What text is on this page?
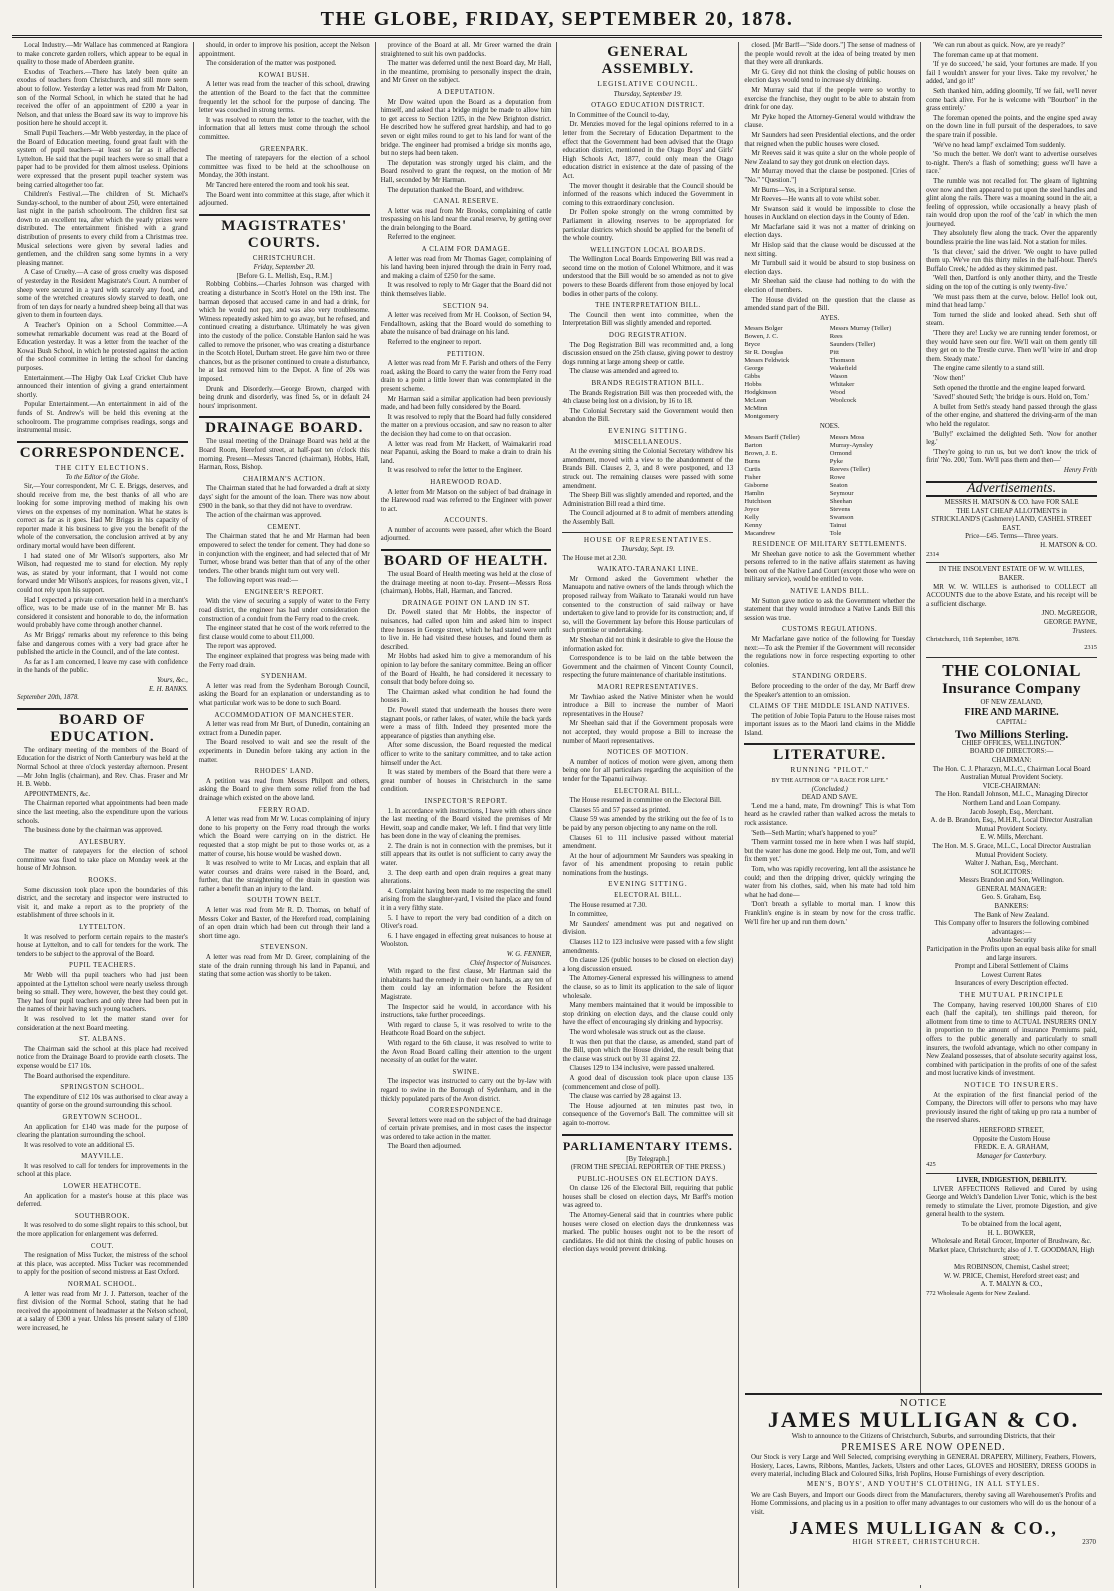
THE GLOBE, FRIDAY, SEPTEMBER 20, 1878.

Local Industry.—Mr Wallace has commenced at Rangiora to make concrete garden rollers, which appear to be equal in quality to those made of Aberdeen granite.

Exodus of Teachers.—There has lately been quite an exodus of teachers from Christchurch, and still more seem about to follow. Yesterday a letter was read from Mr Dalton, son of the Normal School, in which he stated that he had received the offer of an appointment of £200 a year in Nelson, and that unless the Board saw its way to improve his position here he should accept it.

Small Pupil Teachers.—Mr Webb yesterday, in the place of the Board of Education meeting, found great fault with the system of pupil teachers—at least so far as it affected Lyttelton. He said that the pupil teachers were so small that a paper had to be provided for them almost useless. Opinions were expressed that the present pupil teacher system was being carried altogether too far.

Children's Festival.—The children of St. Michael's Sunday-school, to the number of about 250, were entertained last night in the parish schoolroom. The children first sat down to an excellent tea, after which the yearly prizes were distributed. The entertainment finished with a grand distribution of presents to every child from a Christmas tree. Musical selections were given by several ladies and gentlemen, and the children sang some hymns in a very pleasing manner.

A Case of Cruelty.—A case of gross cruelty was disposed of yesterday in the Resident Magistrate's Court. A number of sheep were secured in a yard with scarcely any food, and some of the wretched creatures slowly starved to death, one from of ten days for nearly a hundred sheep being all that was given to them in fourteen days.

A Teacher's Opinion on a School Committee.—A somewhat remarkable document was read at the Board of Education yesterday. It was a letter from the teacher of the Kowai Bush School, in which he protested against the action of the school committee in letting the school for dancing purposes.

Entertainment.—The Higby Oak Leaf Cricket Club have announced their intention of giving a grand entertainment shortly.

Popular Entertainment.—An entertainment in aid of the funds of St. Andrew's will be held this evening at the schoolroom. The programme comprises readings, songs and instrumental music.

CORRESPONDENCE.
THE CITY ELECTIONS.
To the Editor of the Globe.

Sir,—Your correspondent, Mr C. E. Briggs, deserves, and should receive from me, the best thanks of all who are looking for some improving method of making his own views on the expenses of my nomination. What he states is correct as far as it goes. Had Mr Briggs in his capacity of reporter made it his business to give you the benefit of the whole of the conversation, the conclusion arrived at by any ordinary mortal would have been different.

I had stated one of Mr Wilson's supporters, also Mr Wilson, had requested me to stand for election. My reply was, as stated by your informant, that I would not come forward under Mr Wilson's auspices, for reasons given, viz., I could not rely upon his support.

Had I expected a private conversation held in a merchant's office, was to be made use of in the manner Mr B. has considered it consistent and honorable to do, the information would probably have come through another channel.

As Mr Briggs' remarks about my reference to this being false and dangerous comes with a very bad grace after he published the article in the Council, and of the late contest.

As far as I am concerned, I leave my case with confidence in the hands of the public.

Yours, &c.,
E. H. BANKS.
September 20th, 1878.
BOARD OF EDUCATION.

The ordinary meeting of the members of the Board of Education for the district of North Canterbury was held at the Normal School at three o'clock yesterday afternoon. Present—Mr John Inglis (chairman), and Rev. Chas. Fraser and Mr H. B. Webb.

APPOINTMENTS, &c.

The Chairman reported what appointments had been made since the last meeting, also the expenditure upon the various schools.

The business done by the chairman was approved.

AYLESBURY.

The matter of ratepayers for the election of school committee was fixed to take place on Monday week at the house of Mr Johnson.

ROOKS.

Some discussion took place upon the boundaries of this district, and the secretary and inspector were instructed to visit it, and make a report as to the propriety of the establishment of three schools in it.

LYTTELTON.

It was resolved to perform certain repairs to the master's house at Lyttelton, and to call for tenders for the work. The tenders to be subject to the approval of the Board.

PUPIL TEACHERS.

Mr Webb will tha pupil teachers who had just been appointed at the Lyttelton school were nearly useless through being so small. They were, however, the best they could get. They had four pupil teachers and only three had been put in the names of their having such young teachers.

It was resolved to let the matter stand over for consideration at the next Board meeting.

ST. ALBANS.

The Chairman said the school at this place had received notice from the Drainage Board to provide earth closets. The expense would be £17 10s.

The Board authorised the expenditure.

SPRINGSTON SCHOOL.

The expenditure of £12 10s was authorised to clear away a quantity of gorse on the ground surrounding this school.

GREYTOWN SCHOOL.

An application for £140 was made for the purpose of clearing the plantation surrounding the school.

It was resolved to vote an additional £5.

MAYVILLE.

It was resolved to call for tenders for improvements in the school at this place.

LOWER HEATHCOTE.

An application for a master's house at this place was deferred.

SOUTHBROOK.

It was resolved to do some slight repairs to this school, but the more application for enlargement was deferred.

COUT.

The resignation of Miss Tucker, the mistress of the school at this place, was accepted. Miss Tucker was recommended to apply for the position of second mistress at East Oxford.

NORMAL SCHOOL.

A letter was read from Mr J. J. Patterson, teacher of the first division of the Normal School, stating that he had received the appointment of headmaster at the Nelson school, at a salary of £300 a year. Unless his present salary of £180 were increased, he

should, in order to improve his position, accept the Nelson appointment.

The consideration of the matter was postponed.

KOWAI BUSH.

A letter was read from the teacher of this school, drawing the attention of the Board to the fact that the committee frequently let the school for the purpose of dancing. The letter was couched in strong terms.

It was resolved to return the letter to the teacher, with the information that all letters must come through the school committee.

GREENPARK.

The meeting of ratepayers for the election of a school committee was fixed to be held at the schoolhouse on Monday, the 30th instant.

Mr Tancred here entered the room and took his seat.

The Board went into committee at this stage, after which it adjourned.

MAGISTRATES' COURTS.
CHRISTCHURCH.
Friday, September 20.
[Before G. L. Mellish, Esq., R.M.]

Robbing Cobbins.—Charles Johnson was charged with creating a disturbance in Scott's Hotel on the 19th inst. The barman deposed that accused came in and had a drink, for which he would not pay, and was also very troublesome. Witness repeatedly asked him to go away, but he refused, and continued creating a disturbance. Ultimately he was given into the custody of the police. Constable Hanlon said he was called to remove the prisoner, who was creating a disturbance in the Scotch Hotel, Durham street. He gave him two or three chances, but as the prisoner continued to create a disturbance, he at last removed him to the Depot. A fine of 20s was imposed.

Drunk and Disorderly.—George Brown, charged with being drunk and disorderly, was fined 5s, or in default 24 hours' imprisonment.

DRAINAGE BOARD.

The usual meeting of the Drainage Board was held at the Board Room, Hereford street, at half-past ten o'clock this morning. Present—Messrs Tancred (chairman), Hobbs, Hall, Harman, Ross, Bishop.

CHAIRMAN'S ACTION.

The Chairman stated that he had forwarded a draft at sixty days' sight for the amount of the loan. There was now about £900 in the bank, so that they did not have to overdraw.

The action of the chairman was approved.

CEMENT.

The Chairman stated that he and Mr Harman had been empowered to select the tender for cement. They had done so in conjunction with the engineer, and had selected that of Mr Turner, whose brand was better than that of any of the other tenders. The other brands might turn out very well.

The following report was read:—

ENGINEER'S REPORT.

With the view of securing a supply of water to the Ferry road district, the engineer has had under consideration the construction of a conduit from the Ferry road to the creek.

The engineer stated that he cost of the work referred to the first clause would come to about £11,000.

The report was approved.

The engineer explained that progress was being made with the Ferry road drain.

SYDENHAM.

A letter was read from the Sydenham Borough Council, asking the Board for an explanation or understanding as to what particular work was to be done to such Board.

ACCOMMODATION OF MANCHESTER.

A letter was read from Mr Burt, of Dunedin, containing an extract from a Dunedin paper.

The Board resolved to wait and see the result of the experiments in Dunedin before taking any action in the matter.

RHODES' LAND.

A petition was read from Messrs Philpott and others, asking the Board to give them some relief from the bad drainage which existed on the above land.

FERRY ROAD.

A letter was read from Mr W. Lucas complaining of injury done to his property on the Ferry road through the works which the Board were carrying on in the district. He requested that a stop might be put to those works or, as a matter of course, his house would be washed down.

It was resolved to write to Mr Lucas, and explain that all water courses and drains were raised in the Board, and, further, that the straightening of the drain in question was rather a benefit than an injury to the land.

SOUTH TOWN BELT.

A letter was read from Mr R. D. Thomas, on behalf of Messrs Coker and Baxter, of the Hereford road, complaining of an open drain which had been cut through their land a short time ago.

STEVENSON.

A letter was read from Mr D. Greer, complaining of the state of the drain running through his land in Papanui, and stating that some action was shortly to be taken.

province of the Board at all. Mr Greer warned the drain straightened to suit his own paddocks.

The matter was deferred until the next Board day, Mr Hall, in the meantime, promising to personally inspect the drain, and Mr Greer on the subject.

A DEPUTATION.

Mr Dow waited upon the Board as a deputation from himself, and asked that a bridge might be made to allow him to get access to Section 1205, in the New Brighton district. He described how he suffered great hardship, and had to go seven or eight miles round to get to his land for want of the bridge. The engineer had promised a bridge six months ago, but no steps had been taken.

The deputation was strongly urged his claim, and the Board resolved to grant the request, on the motion of Mr Hall, seconded by Mr Harman.

The deputation thanked the Board, and withdrew.

CANAL RESERVE.

A letter was read from Mr Brooks, complaining of cattle trespassing on his land near the canal reserve, by getting over the drain belonging to the Board.

Referred to the engineer.

A CLAIM FOR DAMAGE.

A letter was read from Mr Thomas Gager, complaining of his land having been injured through the drain in Ferry road, and making a claim of £250 for the same.

It was resolved to reply to Mr Gager that the Board did not think themselves liable.

SECTION 94.

A letter was received from Mr H. Cookson, of Section 94, Fendalltown, asking that the Board would do something to abate the nuisance of bad drainage on his land.

Referred to the engineer to report.

PETITION.

A letter was read from Mr F. Parish and others of the Ferry road, asking the Board to carry the water from the Ferry road drain to a point a little lower than was contemplated in the present scheme.

Mr Harman said a similar application had been previously made, and had been fully considered by the Board.

It was resolved to reply that the Board had fully considered the matter on a previous occasion, and saw no reason to alter the decision they had come to on that occasion.

A letter was read from Mr Hackett, of Waimakariri road near Papanui, asking the Board to make a drain to drain his land.

It was resolved to refer the letter to the Engineer.

HAREWOOD ROAD.

A letter from Mr Matson on the subject of bad drainage in the Harewood road was referred to the Engineer with power to act.

ACCOUNTS.

A number of accounts were passed, after which the Board adjourned.

BOARD OF HEALTH.

The usual Board of Health meeting was held at the close of the drainage meeting at noon to-day. Present—Messrs Ross (chairman), Hobbs, Hall, Harman, and Tancred.

DRAINAGE POINT ON LAND IN ST.

Dr. Powell stated that Mr Hobbs, the inspector of nuisances, had called upon him and asked him to inspect three houses in George street, which he had stated were unfit to live in. He had visited these houses, and found them as described.

Mr Hobbs had asked him to give a memorandum of his opinion to lay before the sanitary committee. Being an officer of the Board of Health, he had considered it necessary to consult that body before doing so.

The Chairman asked what condition he had found the houses in.

Dr. Powell stated that underneath the houses there were stagnant pools, or rather lakes, of water, while the back yards were a mass of filth. Indeed they presented more the appearance of pigsties than anything else.

After some discussion, the Board requested the medical officer to write to the sanitary committee, and to take action himself under the Act.

It was stated by members of the Board that there were a great number of houses in Christchurch in the same condition.

INSPECTOR'S REPORT.

1. In accordance with instructions, I have with others since the last meeting of the Board visited the premises of Mr Hewitt, soap and candle maker, We left. I find that very little has been done in the way of cleaning the premises.

2. The drain is not in connection with the premises, but it still appears that its outlet is not sufficient to carry away the water.

3. The deep earth and open drain requires a great many alterations.

4. Complaint having been made to me respecting the smell arising from the slaughter-yard, I visited the place and found it in a very filthy state.

5. I have to report the very bad condition of a ditch on Oliver's road.

6. I have engaged in effecting great nuisances to house at Woolston.

W. G. FENNER,
Chief Inspector of Nuisances.

With regard to the first clause, Mr Hartman said the inhabitants had the remedy in their own hands, as any ten of them could lay an information before the Resident Magistrate.

The Inspector said he would, in accordance with his instructions, take further proceedings.

With regard to clause 5, it was resolved to write to the Heathcote Road Board on the subject.

With regard to the 6th clause, it was resolved to write to the Avon Road Board calling their attention to the urgent necessity of an outlet for the water.

SWINE.

The inspector was instructed to carry out the by-law with regard to swine in the Borough of Sydenham, and in the thickly populated parts of the Avon district.

CORRESPONDENCE.

Several letters were read on the subject of the bad drainage of certain private premises, and in most cases the inspector was ordered to take action in the matter.

The Board then adjourned.

GENERAL ASSEMBLY.
LEGISLATIVE COUNCIL.
Thursday, September 19.
OTAGO EDUCATION DISTRICT.

In Committee of the Council to-day,

Dr. Menzies moved for the legal opinions referred to in a letter from the Secretary of Education Department to the effect that the Government had been advised that the Otago education district, mentioned in the Otago Boys' and Girls' High Schools Act, 1877, could only mean the Otago education district in existence at the date of passing of the Act.

The mover thought it desirable that the Council should be informed of the reasons which induced the Government in coming to this extraordinary conclusion.

Dr Pollen spoke strongly on the wrong committed by Parliament in allowing reserves to be appropriated for particular districts which should be applied for the benefit of the whole country.

WELLINGTON LOCAL BOARDS.

The Wellington Local Boards Empowering Bill was read a second time on the motion of Colonel Whitmore, and it was understood that the Bill would be so amended as not to give powers to these Boards different from those enjoyed by local bodies in other parts of the colony.

THE INTERPRETATION BILL.

The Council then went into committee, when the Interpretation Bill was slightly amended and reported.

DOG REGISTRATION.

The Dog Registration Bill was recommitted and, a long discussion ensued on the 25th clause, giving power to destroy dogs running at large among sheep or cattle.

The clause was amended and agreed to.

BRANDS REGISTRATION BILL.

The Brands Registration Bill was then proceeded with, the 4th clause being lost on a division, by 16 to 18.

The Colonial Secretary said the Government would then abandon the Bill.

EVENING SITTING.
MISCELLANEOUS.

At the evening sitting the Colonial Secretary withdrew his amendment, moved with a view to the abandonment of the Brands Bill. Clauses 2, 3, and 8 were postponed, and 13 struck out. The remaining clauses were passed with some amendment.

The Sheep Bill was slightly amended and reported, and the Administration Bill read a third time.

The Council adjourned at 8 to admit of members attending the Assembly Ball.

HOUSE OF REPRESENTATIVES.
Thursday, Sept. 19.
The House met at 2.30.
WAIKATO-TARANAKI LINE.

Mr Ormond asked the Government whether the Manuapotu and native owners of the lands through which the proposed railway from Waikato to Taranaki would run have consented to the construction of said railway or have undertaken to give land to provide for its construction; and, if so, will the Government lay before this House particulars of such promise or undertaking.

Mr Sheehan did not think it desirable to give the House the information asked for.

Correspondence is to be laid on the table between the Government and the chairmen of Vincent County Council, respecting the future maintenance of charitable institutions.

MAORI REPRESENTATIVES.

Mr Tawhiao asked the Native Minister when he would introduce a Bill to increase the number of Maori representatives in the House?

Mr Sheehan said that if the Government proposals were not accepted, they would propose a Bill to increase the number of Maori representatives.

NOTICES OF MOTION.

A number of notices of motion were given, among them being one for all particulars regarding the acquisition of the tender for the Tapanui railway.

ELECTORAL BILL.

The House resumed in committee on the Electoral Bill.

Clauses 55 and 57 passed as printed.

Clause 59 was amended by the striking out the fee of 1s to be paid by any person objecting to any name on the roll.

Clauses 61 to 111 inclusive passed without material amendment.

At the hour of adjournment Mr Saunders was speaking in favor of his amendment proposing to retain public nominations from the hustings.

EVENING SITTING.
ELECTORAL BILL.

The House resumed at 7.30.

In committee,

Mr Saunders' amendment was put and negatived on division.

Clauses 112 to 123 inclusive were passed with a few slight amendments.

On clause 126 (public houses to be closed on election day) a long discussion ensued.

The Attorney-General expressed his willingness to amend the clause, so as to limit its application to the sale of liquor wholesale.

Many members maintained that it would be impossible to stop drinking on election days, and the clause could only have the effect of encouraging sly drinking and hypocrisy.

The word wholesale was struck out as the clause.

It was then put that the clause, as amended, stand part of the Bill, upon which the House divided, the result being that the clause was struck out by 31 against 22.

Clauses 129 to 134 inclusive, were passed unaltered.

A good deal of discussion took place upon clause 135 (commencement and close of poll).

The clause was carried by 28 against 13.

The House adjourned at ten minutes past two, in consequence of the Governor's Ball. The committee will sit again to-morrow.

PARLIAMENTARY ITEMS.
[By Telegraph.]
(FROM THE SPECIAL REPORTER OF THE PRESS.)
PUBLIC-HOUSES ON ELECTION DAYS.

On clause 126 of the Electoral Bill, requiring that public houses shall be closed on election days, Mr Barff's motion was agreed to.

The Attorney-General said that in countries where public houses were closed on election days the drunkenness was marked. The public houses ought not to be the resort of candidates. He did not think the closing of public houses on election days would prevent drinking.

closed. [Mr Barff—"Side doors."] The sense of madness of the people would revolt at the idea of being treated by men that they were all drunkards.

Mr G. Grey did not think the closing of public houses on election days would tend to increase sly drinking.

Mr Murray said that if the people were so worthy to exercise the franchise, they ought to be able to abstain from drink for one day.

Mr Pyke hoped the Attorney-General would withdraw the clause.

Mr Saunders had seen Presidential elections, and the order that reigned when the public houses were closed.

Mr Reeves said it was quite a slur on the whole people of New Zealand to say they got drunk on election days.

Mr Murray moved that the clause be postponed. [Cries of "No." "Question."]

Mr Burns—Yes, in a Scriptural sense.

Mr Reeves—He wants all to vote whilst sober.

Mr Swanson said it would be impossible to close the houses in Auckland on election days in the County of Eden.

Mr Macfarlane said it was not a matter of drinking on election days.

Mr Hislop said that the clause would be discussed at the next sitting.

Mr Turnbull said it would be absurd to stop business on election days.

Mr Sheehan said the clause had nothing to do with the election of members.

The House divided on the question that the clause as amended stand part of the Bill.

AYES.
Messrs Bolger
Bowen, J. C.
Bryce
Sir R. Douglas
Messrs Feldwick
George
Gibbs
Hobbs
Hodgkinson
McLean
McMinn
Montgomery
Messrs Murray (Teller)
Rees
Saunders (Teller)
Pitt
Thomson
Wakefield
Wason
Whitaker
Wood
Woolcock
NOES.
Messrs Barff (Teller)
Barton
Brown, J. E.
Burns
Curtis
Fisher
Gisborne
Hamlin
Hutchison
Joyce
Kelly
Kenny
Macandrew
Messrs Moss
Murray-Aynsley
Ormond
Pyke
Reeves (Teller)
Rowe
Seaton
Seymour
Sheehan
Stevens
Swanson
Tainui
Tole
RESIDENCE OF MILITARY SETTLEMENTS.

Mr Sheehan gave notice to ask the Government whether persons referred to in the native affairs statement as having been out of the Native Land Court (except those who were on military service), would be entitled to vote.

NATIVE LANDS BILL.

Mr Sutton gave notice to ask the Government whether the statement that they would introduce a Native Lands Bill this session was true.

CUSTOMS REGULATIONS.

Mr Macfarlane gave notice of the following for Tuesday next:—To ask the Premier if the Government will reconsider the regulations now in force respecting exporting to other colonies.

STANDING ORDERS.

Before proceeding to the order of the day, Mr Barff drew the Speaker's attention to an omission.

CLAIMS OF THE MIDDLE ISLAND NATIVES.

The petition of Jobie Topia Paturu to the House raises most important issues as to the Maori land claims in the Middle Island.

LITERATURE.
RUNNING "PILOT."
BY THE AUTHOR OF "A RACE FOR LIFE."
(Concluded.)
DEAD AND SAVE.

'Lend me a hand, mate, I'm drowning!' This is what Tom heard as he crawled rather than walked across the metals to rock assistance.

'Seth—Seth Martin; what's happened to you?'

'Them varmint tossed me in here when I was half stupid, but the water has done me good. Help me out, Tom, and we'll fix them yet.'

Tom, who was rapidly recovering, lent all the assistance he could; and then the dripping driver, quickly wringing the water from his clothes, said, when his mate had told him what he had done—

'Don't breath a syllable to mortal man. I know this Franklin's engine is in steam by now for the cross traffic. We'll fire her up and run them down.'

'We can run about as quick. Now, are ye ready?'

The foreman came up at that moment.

'If ye do succeed,' he said, 'your fortunes are made. If you fail I wouldn't answer for your lives. Take my revolver,' he added, 'and go it!'

Seth thanked him, adding gloomily, 'If we fail, we'll never come back alive. For he is welcome with "Bourbon" in the grass entirely.'

The foreman opened the points, and the engine sped away on the down line in full pursuit of the desperadoes, to save the spare train if possible.

'We've no head lamp!' exclaimed Tom suddenly.

'So much the better. We don't want to advertise ourselves to-night. There's a flash of something; guess we'll have a race.'

The rumble was not recalled for. The gleam of lightning over now and then appeared to put upon the steel handles and glint along the rails. There was a moaning sound in the air, a feeling of oppression, while occasionally a heavy plash of rain would drop upon the roof of the 'cab' in which the men journeyed.

They absolutely flew along the track. Over the apparently boundless prairie the line was laid. Not a station for miles.

'Is that clever,' said the driver. 'We ought to have pulled them up. We've run this thirty miles in the half-hour. There's Buffalo Creek,' he added as they skimmed past.

'Well then, Dartford is only another thirty, and the Trestle siding on the top of the cutting is only twenty-five.'

'We must pass them at the curve, below. Hello! look out, mind that head lamp.'

Tom turned the slide and looked ahead. Seth shut off steam.

'There they are! Lucky we are running tender foremost, or they would have seen our fire. We'll wait on them gently till they get on to the Trestle curve. Then we'll 'wire in' and drop them. Steady mate.'

The engine came silently to a stand still.

'Now then!'

Seth opened the throttle and the engine leaped forward.

'Saved!' shouted Seth; 'the bridge is ours. Hold on, Tom.'

A bullet from Seth's steady hand passed through the glass of the other engine, and shattered the driving-arm of the man who held the regulator.

'Bully!' exclaimed the delighted Seth. 'Now for another leg.'

'They're going to run us, but we don't know the trick of firin' 'No. 200,' Tom. We'll pass them and then—'

Henry Frith
Advertisements.
MESSRS H. MATSON & CO. have FOR SALE
THE LAST CHEAP ALLOTMENTS in
STRICKLAND'S (Cashmere) LAND, CASHEL STREET EAST.
Price—£45. Terms—Three years.
H. MATSON & CO.
2314
IN THE INSOLVENT ESTATE OF W. W. WILLES, BAKER.

MR W. W. WILLES is authorised to COLLECT all ACCOUNTS due to the above Estate, and his receipt will be a sufficient discharge.

JNO. McGREGOR,
GEORGE PAYNE,
Trustees.
Christchurch, 11th September, 1878.
2315
THE COLONIAL
Insurance Company
OF NEW ZEALAND,
FIRE AND MARINE.
CAPITAL:
Two Millions Sterling.
CHIEF OFFICES, WELLINGTON.
BOARD OF DIRECTORS:—
CHAIRMAN:
The Hon. C. J. Pharazyn, M.L.C., Chairman Local Board Australian Mutual Provident Society.
VICE-CHAIRMAN:
The Hon. Randall Johnson, M.L.C., Managing Director Northern Land and Loan Company.
Jacob Joseph, Esq., Merchant.
A. de B. Brandon, Esq., M.H.R., Local Director Australian Mutual Provident Society.
E. W. Mills, Merchant.
The Hon. M. S. Grace, M.L.C., Local Director Australian Mutual Provident Society.
Walter J. Nathan, Esq., Merchant.
SOLICITORS:
Messrs Brandon and Son, Wellington.
GENERAL MANAGER:
Geo. S. Graham, Esq.
BANKERS:
The Bank of New Zealand.
This Company offer to Insurers the following combined advantages:—
Absolute Security
Participation in the Profits upon an equal basis alike for small and large insurers.
Prompt and Liberal Settlement of Claims
Lowest Current Rates
Insurances of every Description effected.
THE MUTUAL PRINCIPLE

The Company, having reserved 100,000 Shares of £10 each (half the capital), ten shillings paid thereon, for allotment from time to time to ACTUAL INSURERS ONLY in proportion to the amount of insurance Premiums paid, offers to the public generally and particularly to small insurers, the twofold advantage, which no other company in New Zealand possesses, that of absolute security against loss, combined with participation in the profits of one of the safest and most lucrative kinds of investment.

NOTICE TO INSURERS.

At the expiration of the first financial period of the Company, the Directors will offer to persons who may have previously insured the right of taking up pro rata a number of the reserved shares.

HEREFORD STREET,
Opposite the Custom House
FREDK. E. A. GRAHAM,
Manager for Canterbury.
425
LIVER, INDIGESTION, DEBILITY.

LIVER AFFECTIONS Relieved and Cured by using George and Welch's Dandelion Liver Tonic, which is the best remedy to stimulate the Liver, promote Digestion, and give general health to the system.

To be obtained from the local agent,
H. L. BOWKER,
Wholesale and Retail Grocer, Importer of Brushware, &c.
Market place, Christchurch; also of J. T. GOODMAN, High street;
Mrs ROBINSON, Chemist, Cashel street;
W. W. PRICE, Chemist, Hereford street east; and
A. T. MALYN & CO.,
772 Wholesale Agents for New Zealand.
NOTICE
JAMES MULLIGAN & CO.
Wish to announce to the Citizens of Christchurch, Suburbs, and surrounding Districts, that their
PREMISES ARE NOW OPENED.

Our Stock is very Large and Well Selected, comprising everything in GENERAL DRAPERY, Millinery, Feathers, Flowers, Hosiery, Laces, Lawns, Ribbons, Mantles, Jackets, Ulsters and other Laces, GLOVES and HOSIERY, DRESS GOODS in every material, including Black and Coloured Silks, Irish Poplins, House Furnishings of every description.

MEN'S, BOYS', AND YOUTH'S CLOTHING, IN ALL STYLES.

We are Cash Buyers, and Import our Goods direct from the Manufacturers, thereby saving all Warehousemen's Profits and Home Commissions, and placing us in a position to offer many advantages to our customers who will do us the honour of a visit.

JAMES MULLIGAN & CO.,
HIGH STREET, CHRISTCHURCH.	2370
